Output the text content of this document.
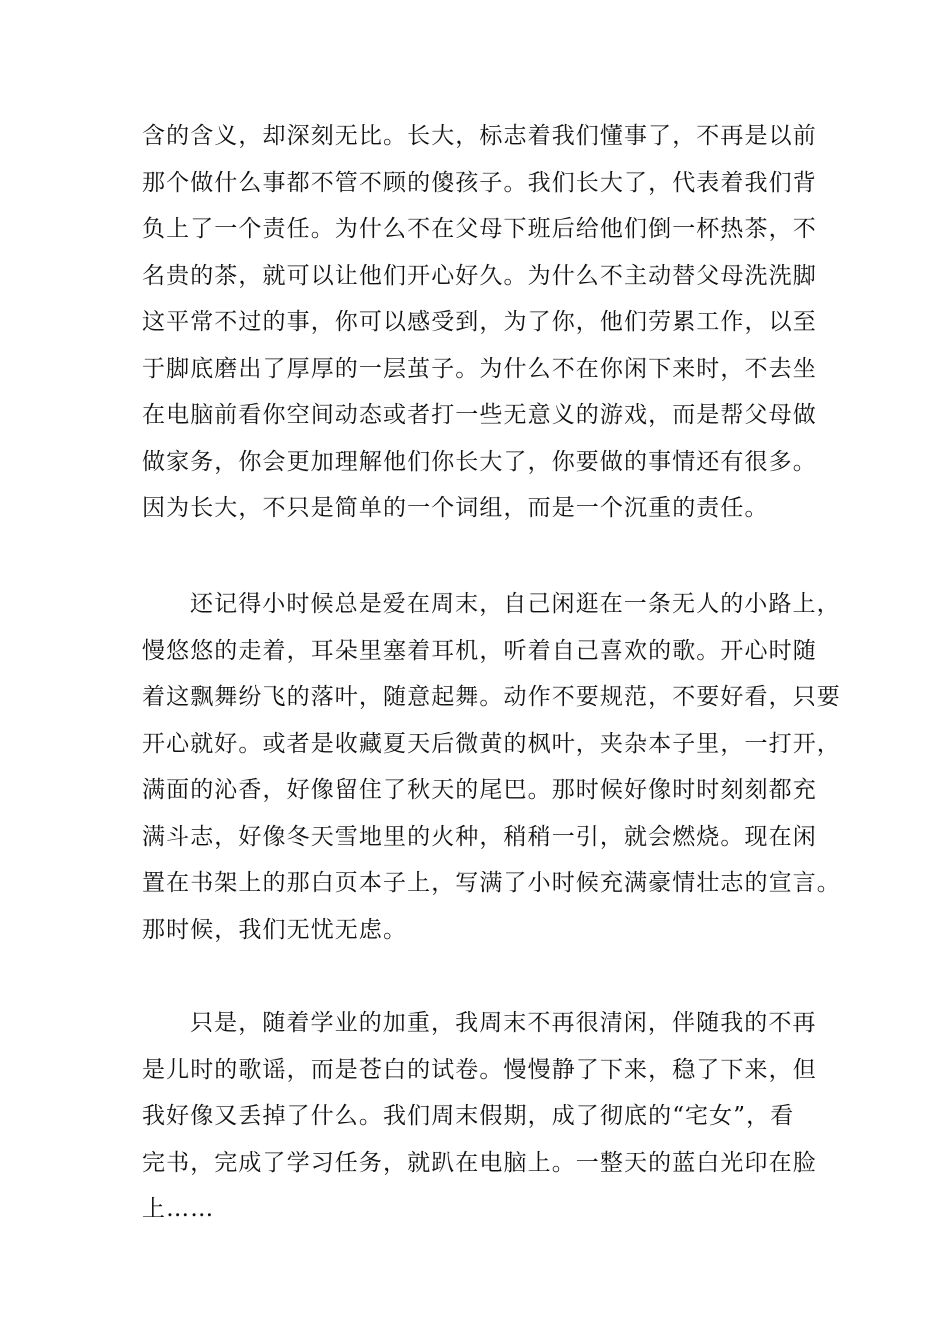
含的含义，却深刻无比。长大，标志着我们懂事了，不再是以前
那个做什么事都不管不顾的傻孩子。我们长大了，代表着我们背
负上了一个责任。为什么不在父母下班后给他们倒一杯热茶，不
名贵的茶，就可以让他们开心好久。为什么不主动替父母洗洗脚
这平常不过的事，你可以感受到，为了你，他们劳累工作，以至
于脚底磨出了厚厚的一层茧子。为什么不在你闲下来时，不去坐
在电脑前看你空间动态或者打一些无意义的游戏，而是帮父母做
做家务，你会更加理解他们你长大了，你要做的事情还有很多。
因为长大，不只是简单的一个词组，而是一个沉重的责任。
还记得小时候总是爱在周末，自己闲逛在一条无人的小路上，
慢悠悠的走着，耳朵里塞着耳机，听着自己喜欢的歌。开心时随
着这飘舞纷飞的落叶，随意起舞。动作不要规范，不要好看，只要
开心就好。或者是收藏夏天后微黄的枫叶，夹杂本子里，一打开，
满面的沁香，好像留住了秋天的尾巴。那时候好像时时刻刻都充
满斗志，好像冬天雪地里的火种，稍稍一引，就会燃烧。现在闲
置在书架上的那白页本子上，写满了小时候充满豪情壮志的宣言。
那时候，我们无忧无虑。
只是，随着学业的加重，我周末不再很清闲，伴随我的不再
是儿时的歌谣，而是苍白的试卷。慢慢静了下来，稳了下来，但
我好像又丢掉了什么。我们周末假期，成了彻底的“宅女”，看
完书，完成了学习任务，就趴在电脑上。一整天的蓝白光印在脸
上……
